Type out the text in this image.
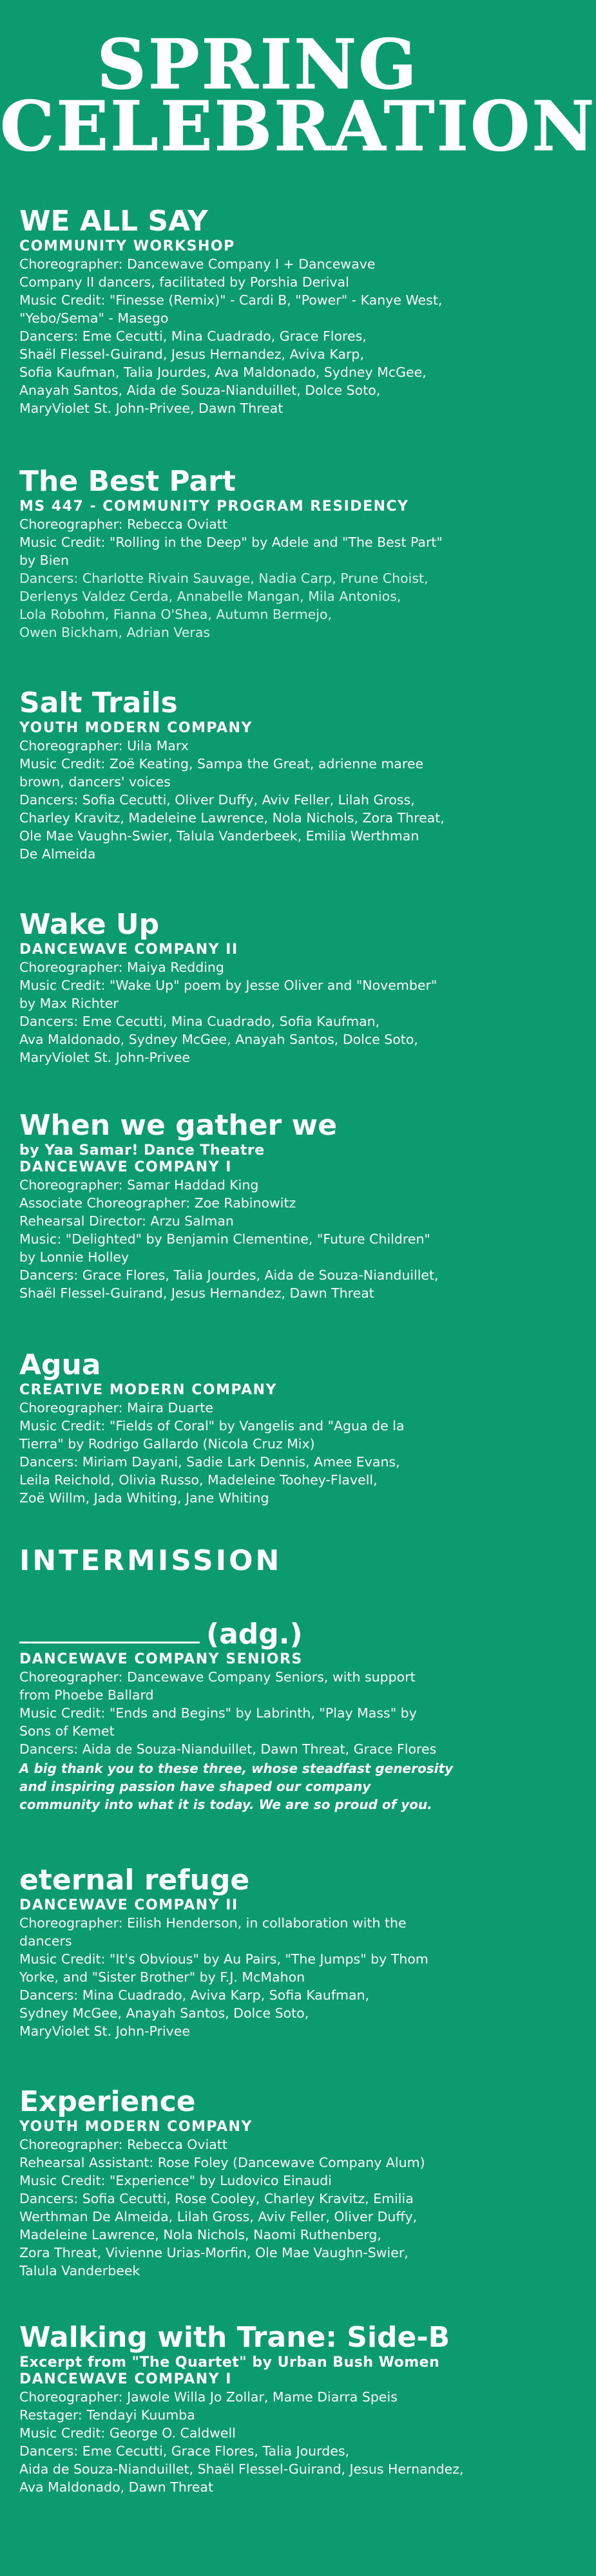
SPRING
CELEBRATION
WE ALL SAY
COMMUNITY WORKSHOP
Choreographer: Dancewave Company I + Dancewave
Company II dancers, facilitated by Porshia Derival
Music Credit: "Finesse (Remix)" - Cardi B, "Power" - Kanye West,
"Yebo/Sema" - Masego
Dancers: Eme Cecutti, Mina Cuadrado, Grace Flores,
Shaël Flessel-Guirand, Jesus Hernandez, Aviva Karp,
Sofia Kaufman, Talia Jourdes, Ava Maldonado, Sydney McGee,
Anayah Santos, Aida de Souza-Nianduillet, Dolce Soto,
MaryViolet St. John-Privee, Dawn Threat
The Best Part
MS 447 - COMMUNITY PROGRAM RESIDENCY
Choreographer: Rebecca Oviatt
Music Credit: "Rolling in the Deep" by Adele and "The Best Part"
by Bien
Dancers: Charlotte Rivain Sauvage, Nadia Carp, Prune Choist,
Derlenys Valdez Cerda, Annabelle Mangan, Mila Antonios,
Lola Robohm, Fianna O'Shea, Autumn Bermejo,
Owen Bickham, Adrian Veras
Salt Trails
YOUTH MODERN COMPANY
Choreographer: Uila Marx
Music Credit: Zoë Keating, Sampa the Great, adrienne maree
brown, dancers' voices
Dancers: Sofia Cecutti, Oliver Duffy, Aviv Feller, Lilah Gross,
Charley Kravitz, Madeleine Lawrence, Nola Nichols, Zora Threat,
Ole Mae Vaughn-Swier, Talula Vanderbeek, Emilia Werthman
De Almeida
Wake Up
DANCEWAVE COMPANY II
Choreographer: Maiya Redding
Music Credit: "Wake Up" poem by Jesse Oliver and "November"
by Max Richter
Dancers: Eme Cecutti, Mina Cuadrado, Sofia Kaufman,
Ava Maldonado, Sydney McGee, Anayah Santos, Dolce Soto,
MaryViolet St. John-Privee
When we gather we
by Yaa Samar! Dance Theatre
DANCEWAVE COMPANY I
Choreographer: Samar Haddad King
Associate Choreographer: Zoe Rabinowitz
Rehearsal Director: Arzu Salman
Music: "Delighted" by Benjamin Clementine, "Future Children"
by Lonnie Holley
Dancers: Grace Flores, Talia Jourdes, Aida de Souza-Nianduillet,
Shaël Flessel-Guirand, Jesus Hernandez, Dawn Threat
Agua
CREATIVE MODERN COMPANY
Choreographer: Maira Duarte
Music Credit: "Fields of Coral" by Vangelis and "Agua de la
Tierra" by Rodrigo Gallardo (Nicola Cruz Mix)
Dancers: Miriam Dayani, Sadie Lark Dennis, Amee Evans,
Leila Reichold, Olivia Russo, Madeleine Toohey-Flavell,
Zoë Willm, Jada Whiting, Jane Whiting
INTERMISSION
(adg.)
DANCEWAVE COMPANY SENIORS
Choreographer: Dancewave Company Seniors, with support
from Phoebe Ballard
Music Credit: "Ends and Begins" by Labrinth, "Play Mass" by
Sons of Kemet
Dancers: Aida de Souza-Nianduillet, Dawn Threat, Grace Flores
A big thank you to these three, whose steadfast generosity
and inspiring passion have shaped our company
community into what it is today. We are so proud of you.
eternal refuge
DANCEWAVE COMPANY II
Choreographer: Eilish Henderson, in collaboration with the
dancers
Music Credit: "It's Obvious" by Au Pairs, "The Jumps" by Thom
Yorke, and "Sister Brother" by F.J. McMahon
Dancers: Mina Cuadrado, Aviva Karp, Sofia Kaufman,
Sydney McGee, Anayah Santos, Dolce Soto,
MaryViolet St. John-Privee
Experience
YOUTH MODERN COMPANY
Choreographer: Rebecca Oviatt
Rehearsal Assistant: Rose Foley (Dancewave Company Alum)
Music Credit: "Experience" by Ludovico Einaudi
Dancers: Sofia Cecutti, Rose Cooley, Charley Kravitz, Emilia
Werthman De Almeida, Lilah Gross, Aviv Feller, Oliver Duffy,
Madeleine Lawrence, Nola Nichols, Naomi Ruthenberg,
Zora Threat, Vivienne Urias-Morfin, Ole Mae Vaughn-Swier,
Talula Vanderbeek
Walking with Trane: Side-B
Excerpt from "The Quartet" by Urban Bush Women
DANCEWAVE COMPANY I
Choreographer: Jawole Willa Jo Zollar, Mame Diarra Speis
Restager: Tendayi Kuumba
Music Credit: George O. Caldwell
Dancers: Eme Cecutti, Grace Flores, Talia Jourdes,
Aida de Souza-Nianduillet, Shaël Flessel-Guirand, Jesus Hernandez,
Ava Maldonado, Dawn Threat
